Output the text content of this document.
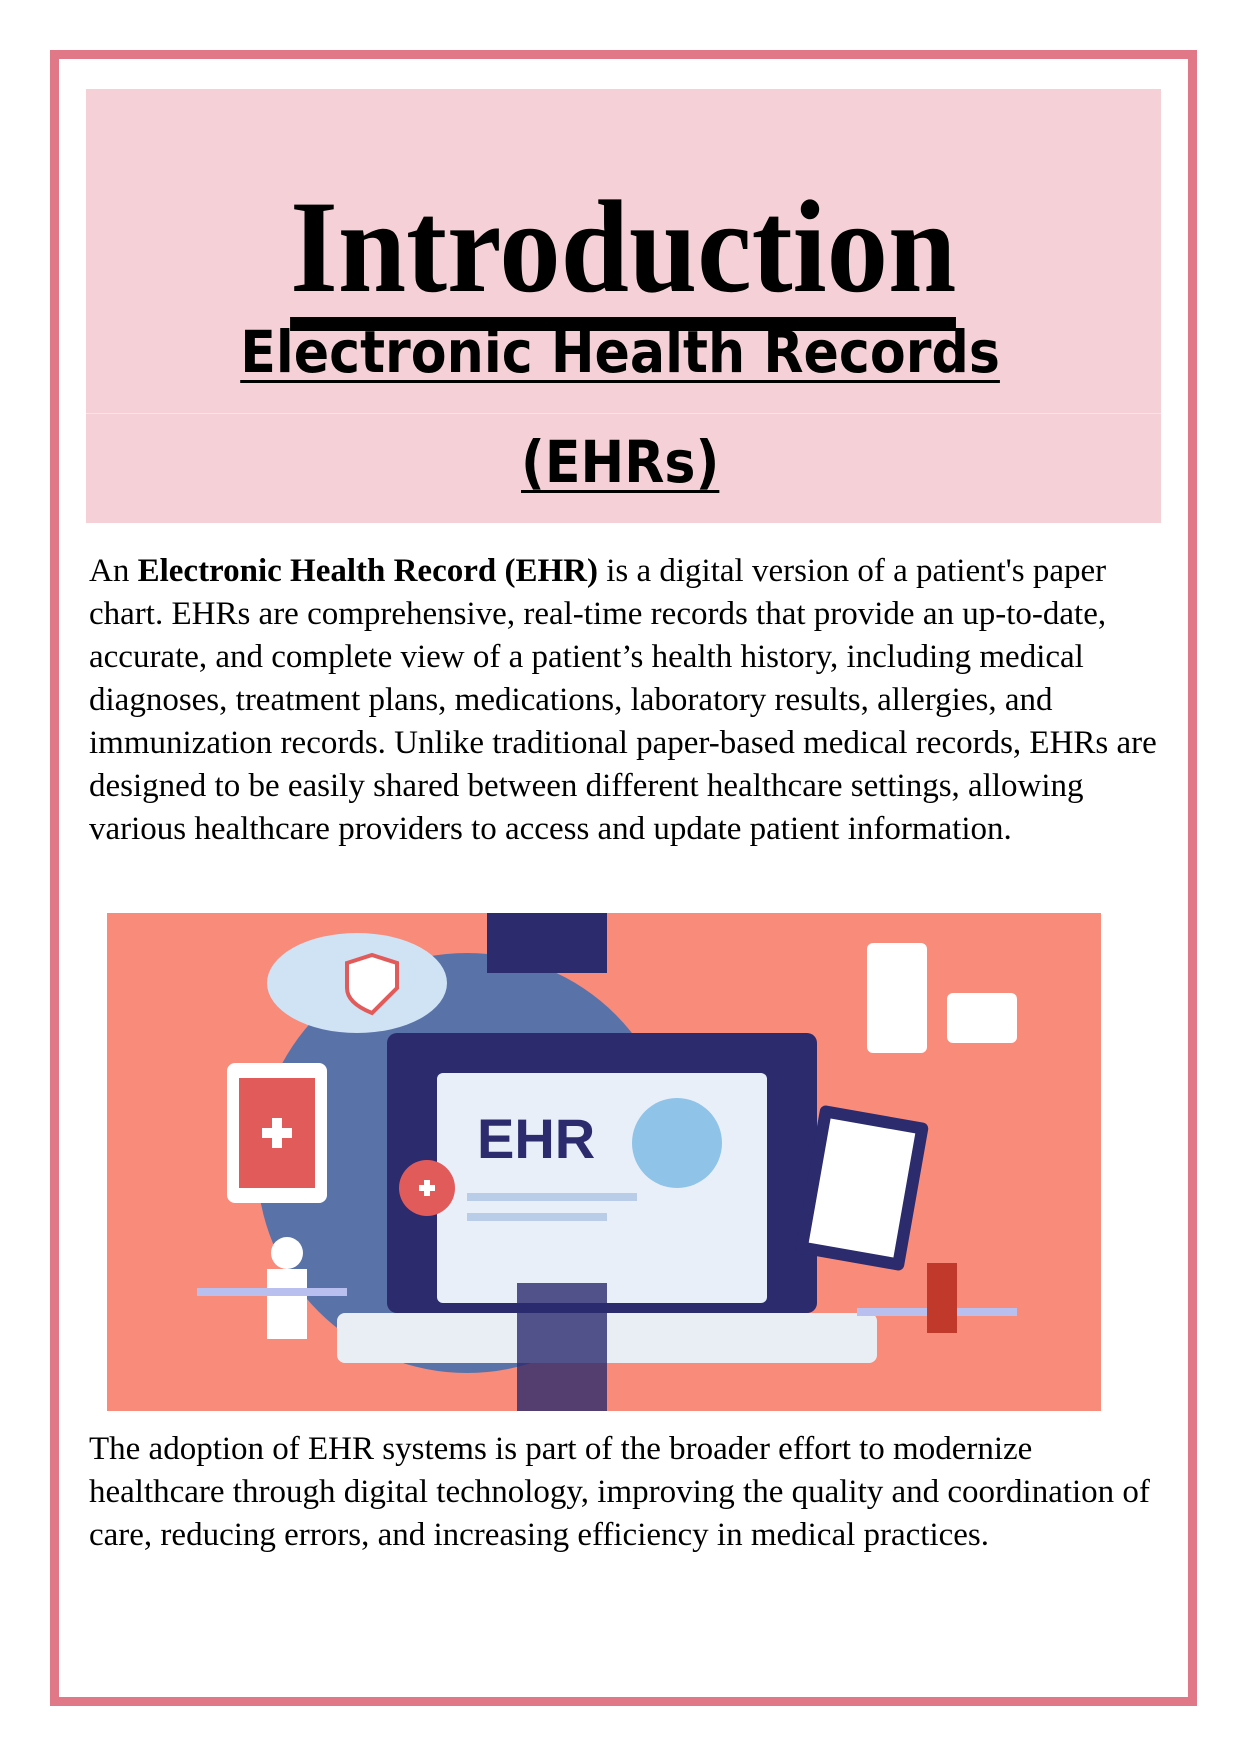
Introduction
Electronic Health Records
(EHRs)

An Electronic Health Record (EHR) is a digital version of a patient's paper chart. EHRs are comprehensive, real-time records that provide an up-to-date, accurate, and complete view of a patient’s health history, including medical diagnoses, treatment plans, medications, laboratory results, allergies, and immunization records. Unlike traditional paper-based medical records, EHRs are designed to be easily shared between different healthcare settings, allowing various healthcare providers to access and update patient information.

EHR

The adoption of EHR systems is part of the broader effort to modernize healthcare through digital technology, improving the quality and coordination of care, reducing errors, and increasing efficiency in medical practices.
